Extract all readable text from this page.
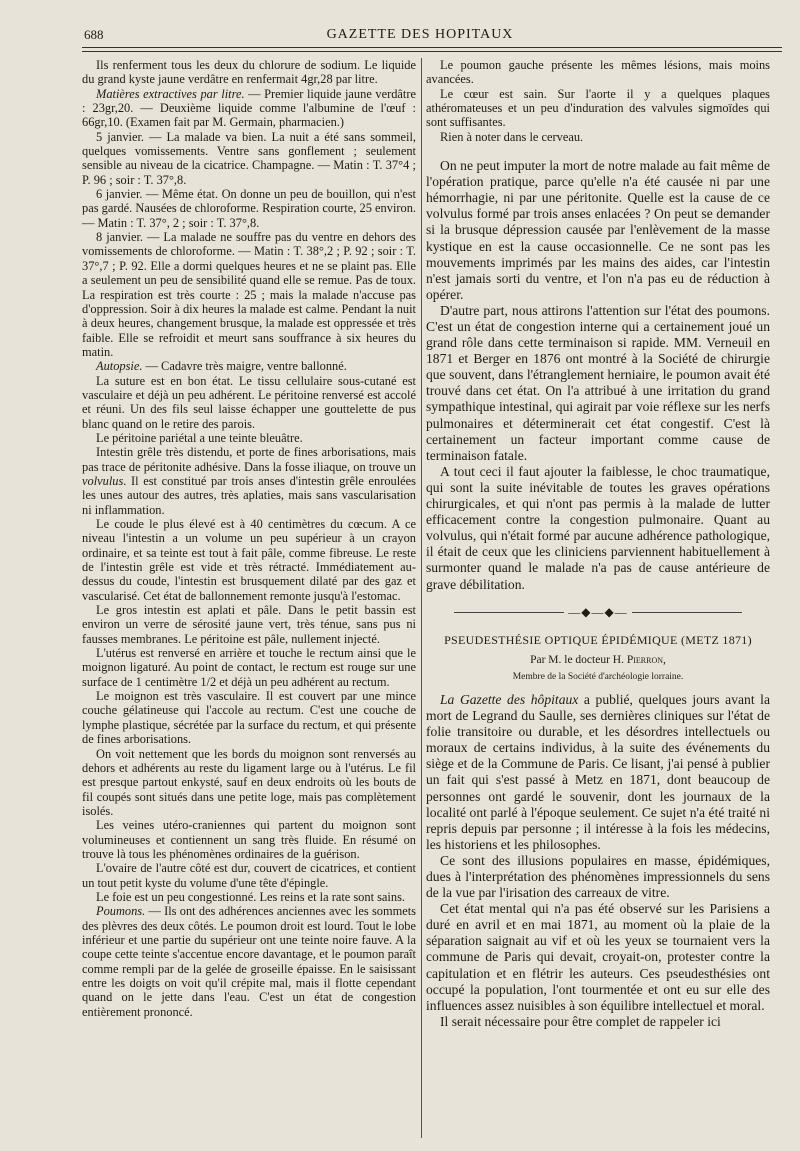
688	GAZETTE DES HOPITAUX

Ils renferment tous les deux du chlorure de sodium. Le liquide du grand kyste jaune verdâtre en renfermait 4gr,28 par litre.

Matières extractives par litre. — Premier liquide jaune verdâtre : 23gr,20. — Deuxième liquide comme l'albumine de l'œuf : 66gr,10. (Examen fait par M. Germain, pharmacien.)

5 janvier. — La malade va bien. La nuit a été sans sommeil, quelques vomissements. Ventre sans gonflement ; seulement sensible au niveau de la cicatrice. Champagne. — Matin : T. 37°4 ; P. 96 ; soir : T. 37°,8.

6 janvier. — Même état. On donne un peu de bouillon, qui n'est pas gardé. Nausées de chloroforme. Respiration courte, 25 environ. — Matin : T. 37°, 2 ; soir : T. 37°,8.

8 janvier. — La malade ne souffre pas du ventre en dehors des vomissements de chloroforme. — Matin : T. 38°,2 ; P. 92 ; soir : T. 37°,7 ; P. 92. Elle a dormi quelques heures et ne se plaint pas. Elle a seulement un peu de sensibilité quand elle se remue. Pas de toux. La respiration est très courte : 25 ; mais la malade n'accuse pas d'oppression. Soir à dix heures la malade est calme. Pendant la nuit à deux heures, changement brusque, la malade est oppressée et très faible. Elle se refroidit et meurt sans souffrance à six heures du matin.

Autopsie. — Cadavre très maigre, ventre ballonné.

La suture est en bon état. Le tissu cellulaire sous-cutané est vasculaire et déjà un peu adhérent. Le péritoine renversé est accolé et réuni. Un des fils seul laisse échapper une gouttelette de pus blanc quand on le retire des parois.

Le péritoine pariétal a une teinte bleuâtre.

Intestin grêle très distendu, et porte de fines arborisations, mais pas trace de péritonite adhésive. Dans la fosse iliaque, on trouve un volvulus. Il est constitué par trois anses d'intestin grêle enroulées les unes autour des autres, très aplaties, mais sans vascularisation ni inflammation.

Le coude le plus élevé est à 40 centimètres du cœcum. A ce niveau l'intestin a un volume un peu supérieur à un crayon ordinaire, et sa teinte est tout à fait pâle, comme fibreuse. Le reste de l'intestin grêle est vide et très rétracté. Immédiatement au-dessus du coude, l'intestin est brusquement dilaté par des gaz et vascularisé. Cet état de ballonnement remonte jusqu'à l'estomac.

Le gros intestin est aplati et pâle. Dans le petit bassin est environ un verre de sérosité jaune vert, très ténue, sans pus ni fausses membranes. Le péritoine est pâle, nullement injecté.

L'utérus est renversé en arrière et touche le rectum ainsi que le moignon ligaturé. Au point de contact, le rectum est rouge sur une surface de 1 centimètre 1/2 et déjà un peu adhérent au rectum.

Le moignon est très vasculaire. Il est couvert par une mince couche gélatineuse qui l'accole au rectum. C'est une couche de lymphe plastique, sécrétée par la surface du rectum, et qui présente de fines arborisations.

On voit nettement que les bords du moignon sont renversés au dehors et adhérents au reste du ligament large ou à l'utérus. Le fil est presque partout enkysté, sauf en deux endroits où les bouts de fil coupés sont situés dans une petite loge, mais pas complètement isolés.

Les veines utéro-craniennes qui partent du moignon sont volumineuses et contiennent un sang très fluide. En résumé on trouve là tous les phénomènes ordinaires de la guérison.

L'ovaire de l'autre côté est dur, couvert de cicatrices, et contient un tout petit kyste du volume d'une tête d'épingle.

Le foie est un peu congestionné. Les reins et la rate sont sains.

Poumons. — Ils ont des adhérences anciennes avec les sommets des plèvres des deux côtés. Le poumon droit est lourd. Tout le lobe inférieur et une partie du supérieur ont une teinte noire fauve. A la coupe cette teinte s'accentue encore davantage, et le poumon paraît comme rempli par de la gelée de groseille épaisse. En le saisissant entre les doigts on voit qu'il crépite mal, mais il flotte cependant quand on le jette dans l'eau. C'est un état de congestion entièrement prononcé.

Le poumon gauche présente les mêmes lésions, mais moins avancées.

Le cœur est sain. Sur l'aorte il y a quelques plaques athéromateuses et un peu d'induration des valvules sigmoïdes qui sont suffisantes.

Rien à noter dans le cerveau.

On ne peut imputer la mort de notre malade au fait même de l'opération pratique, parce qu'elle n'a été causée ni par une hémorrhagie, ni par une péritonite. Quelle est la cause de ce volvulus formé par trois anses enlacées ? On peut se demander si la brusque dépression causée par l'enlèvement de la masse kystique en est la cause occasionnelle. Ce ne sont pas les mouvements imprimés par les mains des aides, car l'intestin n'est jamais sorti du ventre, et l'on n'a pas eu de réduction à opérer.

D'autre part, nous attirons l'attention sur l'état des poumons. C'est un état de congestion interne qui a certainement joué un grand rôle dans cette terminaison si rapide. MM. Verneuil en 1871 et Berger en 1876 ont montré à la Société de chirurgie que souvent, dans l'étranglement herniaire, le poumon avait été trouvé dans cet état. On l'a attribué à une irritation du grand sympathique intestinal, qui agirait par voie réflexe sur les nerfs pulmonaires et déterminerait cet état congestif. C'est là certainement un facteur important comme cause de terminaison fatale.

A tout ceci il faut ajouter la faiblesse, le choc traumatique, qui sont la suite inévitable de toutes les graves opérations chirurgicales, et qui n'ont pas permis à la malade de lutter efficacement contre la congestion pulmonaire. Quant au volvulus, qui n'était formé par aucune adhérence pathologique, il était de ceux que les cliniciens parviennent habituellement à surmonter quand le malade n'a pas de cause antérieure de grave débilitation.

—◆—◆—
PSEUDESTHÉSIE OPTIQUE ÉPIDÉMIQUE (METZ 1871)
Par M. le docteur H. Pierron,
Membre de la Société d'archéologie lorraine.

La Gazette des hôpitaux a publié, quelques jours avant la mort de Legrand du Saulle, ses dernières cliniques sur l'état de folie transitoire ou durable, et les désordres intellectuels ou moraux de certains individus, à la suite des événements du siège et de la Commune de Paris. Ce lisant, j'ai pensé à publier un fait qui s'est passé à Metz en 1871, dont beaucoup de personnes ont gardé le souvenir, dont les journaux de la localité ont parlé à l'époque seulement. Ce sujet n'a été traité ni repris depuis par personne ; il intéresse à la fois les médecins, les historiens et les philosophes.

Ce sont des illusions populaires en masse, épidémiques, dues à l'interprétation des phénomènes impressionnels du sens de la vue par l'irisation des carreaux de vitre.

Cet état mental qui n'a pas été observé sur les Parisiens a duré en avril et en mai 1871, au moment où la plaie de la séparation saignait au vif et où les yeux se tournaient vers la commune de Paris qui devait, croyait-on, protester contre la capitulation et en flétrir les auteurs. Ces pseudesthésies ont occupé la population, l'ont tourmentée et ont eu sur elle des influences assez nuisibles à son équilibre intellectuel et moral.

Il serait nécessaire pour être complet de rappeler ici
